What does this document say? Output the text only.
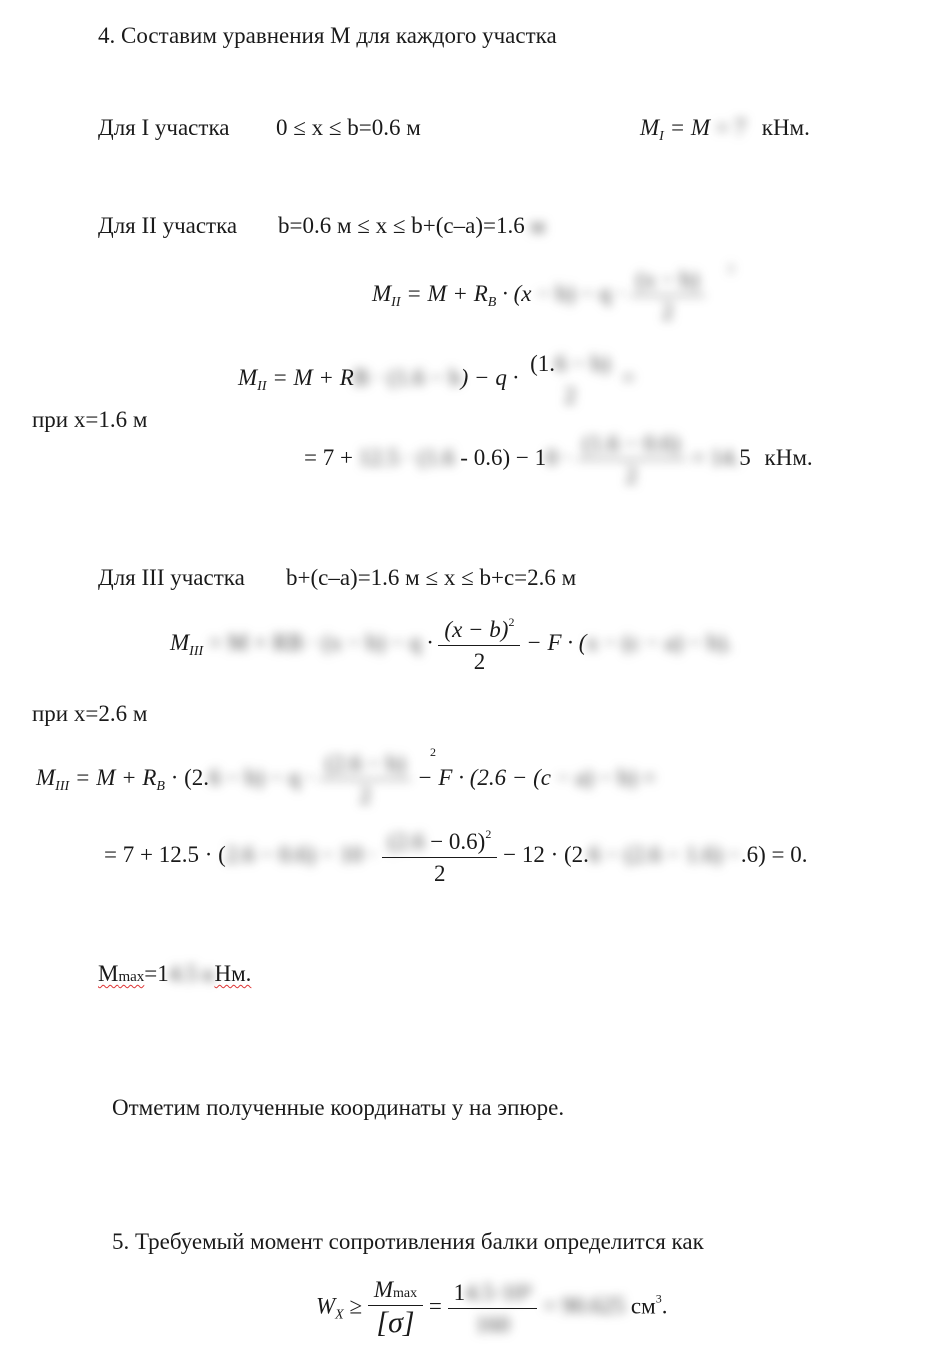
4. Составим уравнения М для каждого участка
Для I участка 0 ≤ x ≤ b=0.6 м	$M_I = M = 7$ кНм.
Для II участка b=0.6 м ≤ x ≤ b+(c–a)=1.6 м
$M_{II} = M + R_B \cdot (x - b) - q \cdot \frac{(x - b)}{2}$
при x=1.6 м
$M_{II} = M$ + RB · (1.6 − b) − q ·
(1.6 − b)
2
=
= $7 + 12.5 \cdot (1.6 - 0.6) - 10 \cdot \frac{(1.6 - 0.6)}{2} = 14.5$ кНм.
Для III участка b+(c–a)=1.6 м ≤ x ≤ b+c=2.6 м
$M_{III} = M$ + RB · $(x - b) - q \cdot \frac{(x - b)^2}{2} - F \cdot (x - (c - a) - b)$.
при x=2.6 м
$M_{III} = M + R_B \cdot (2.6 - b) - q \cdot \frac{(2.6 - b)}{2} - F \cdot (2.6 - (c - a) - b)$ =
= $7 + 12.5 \cdot (2.6 - 0.6) - 10 \cdot \frac{(2.6 - 0.6)^2}{2} - 12 \cdot (2.6 - (2.6 - 1.6) -.6) = 0$.
Mmax=14.5 кНм.
Отметим полученные координаты у на эпюре.
5. Требуемый момент сопротивления балки определится как
$W_X \ge \frac{Mmax}{[\sigma]} = \frac{\text{14.5·10³}}{160} = 90.625$ $см^3$.
2
2
